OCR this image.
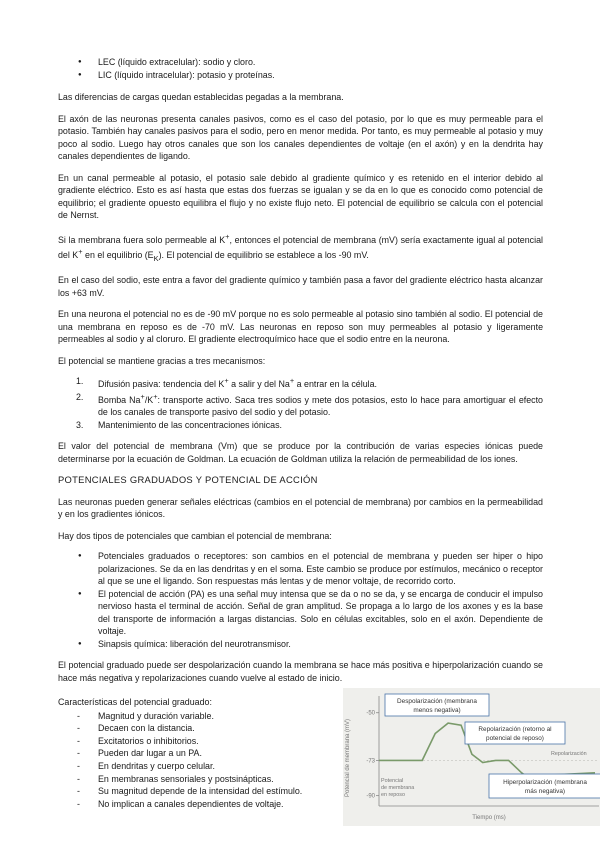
● LEC (líquido extracelular): sodio y cloro.
● LIC (líquido intracelular): potasio y proteínas.

Las diferencias de cargas quedan establecidas pegadas a la membrana.

El axón de las neuronas presenta canales pasivos, como es el caso del potasio, por lo que es muy permeable para el potasio. También hay canales pasivos para el sodio, pero en menor medida. Por tanto, es muy permeable al potasio y muy poco al sodio. Luego hay otros canales que son los canales dependientes de voltaje (en el axón) y en la dendrita hay canales dependientes de ligando.

En un canal permeable al potasio, el potasio sale debido al gradiente químico y es retenido en el interior debido al gradiente eléctrico. Esto es así hasta que estas dos fuerzas se igualan y se da en lo que es conocido como potencial de equilibrio; el gradiente opuesto equilibra el flujo y no existe flujo neto. El potencial de equilibrio se calcula con el potencial de Nernst.

Si la membrana fuera solo permeable al K+, entonces el potencial de membrana (mV) sería exactamente igual al potencial del K+ en el equilibrio $(E_K)$. El potencial de equilibrio se establece a los -90 mV.

En el caso del sodio, este entra a favor del gradiente químico y también pasa a favor del gradiente eléctrico hasta alcanzar los +63 mV.

En una neurona el potencial no es de -90 mV porque no es solo permeable al potasio sino también al sodio. El potencial de una membrana en reposo es de -70 mV. Las neuronas en reposo son muy permeables al potasio y ligeramente permeables al sodio y al cloruro. El gradiente electroquímico hace que el sodio entre en la neurona.

El potencial se mantiene gracias a tres mecanismos:

1. Difusión pasiva: tendencia del K+ a salir y del Na+ a entrar en la célula.
2. Bomba Na+/K+: transporte activo. Saca tres sodios y mete dos potasios, esto lo hace para amortiguar el efecto de los canales de transporte pasivo del sodio y del potasio.
3. Mantenimiento de las concentraciones iónicas.

El valor del potencial de membrana (Vm) que se produce por la contribución de varias especies iónicas puede determinarse por la ecuación de Goldman. La ecuación de Goldman utiliza la relación de permeabilidad de los iones.

POTENCIALES GRADUADOS Y POTENCIAL DE ACCIÓN

Las neuronas pueden generar señales eléctricas (cambios en el potencial de membrana) por cambios en la permeabilidad y en los gradientes iónicos.

Hay dos tipos de potenciales que cambian el potencial de membrana:

● Potenciales graduados o receptores: son cambios en el potencial de membrana y pueden ser hiper o hipo polarizaciones. Se da en las dendritas y en el soma. Este cambio se produce por estímulos, mecánico o receptor al que se une el ligando. Son respuestas más lentas y de menor voltaje, de recorrido corto.
● El potencial de acción (PA) es una señal muy intensa que se da o no se da, y se encarga de conducir el impulso nervioso hasta el terminal de acción. Señal de gran amplitud. Se propaga a lo largo de los axones y es la base del transporte de información a largas distancias. Solo en células excitables, solo en el axón. Dependiente de voltaje.
● Sinapsis química: liberación del neurotransmisor.

El potencial graduado puede ser despolarización cuando la membrana se hace más positiva e hiperpolarización cuando se hace más negativa y repolarizaciones cuando vuelve al estado de inicio.

Características del potencial graduado:
- Magnitud y duración variable.
- Decaen con la distancia.
- Excitatorios o inhibitorios.
- Pueden dar lugar a un PA.
- En dendritas y cuerpo celular.
- En membranas sensoriales y postsinápticas.
- Su magnitud depende de la intensidad del estímulo.
- No implican a canales dependientes de voltaje.
Potencial de membrana (mV)
Tiempo (ms)
-50
-73
-90
Despolarización (membrana
menos negativa)
Repolarización (retorno al
potencial de reposo)
Repolarización
Potencial
de membrana
en reposo
Hiperpolarización (membrana
más negativa)
